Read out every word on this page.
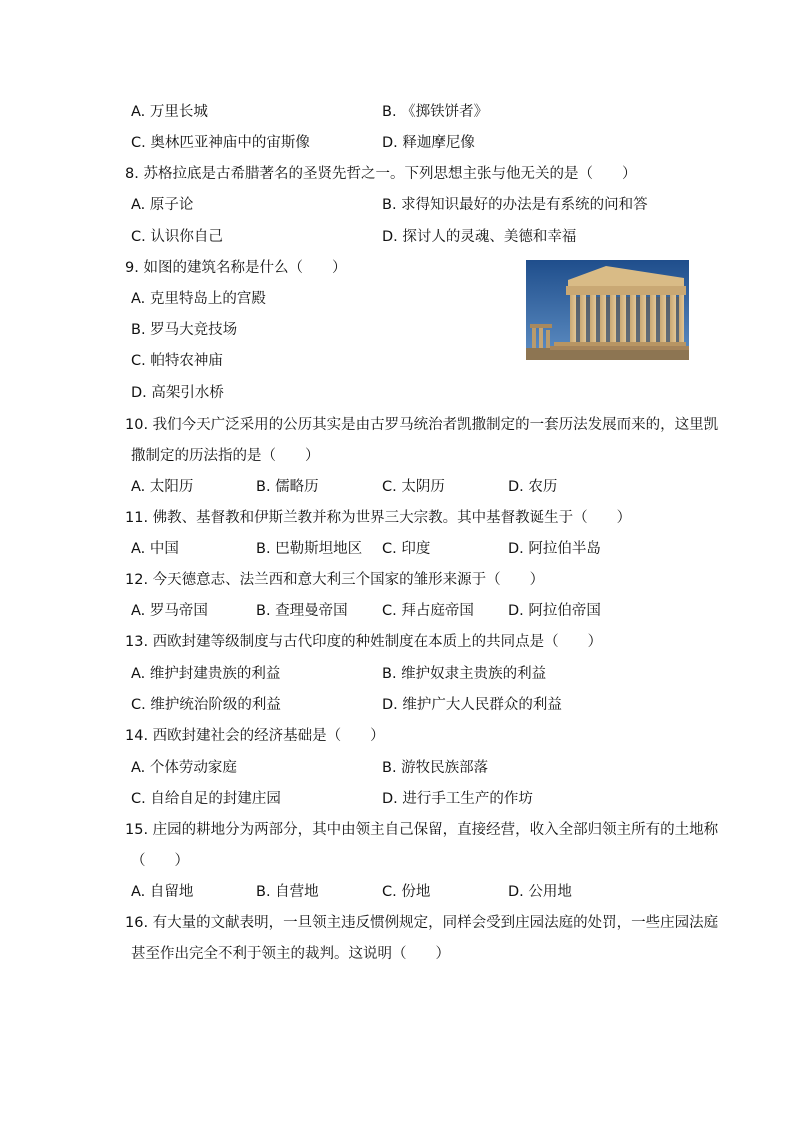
A. 万里长城	B. 《掷铁饼者》
C. 奥林匹亚神庙中的宙斯像	D. 释迦摩尼像
8. 苏格拉底是古希腊著名的圣贤先哲之一。下列思想主张与他无关的是（　　）
A. 原子论	B. 求得知识最好的办法是有系统的问和答
C. 认识你自己	D. 探讨人的灵魂、美德和幸福
9. 如图的建筑名称是什么（　　）
A. 克里特岛上的宫殿
B. 罗马大竞技场
C. 帕特农神庙
D. 高架引水桥
10. 我们今天广泛采用的公历其实是由古罗马统治者凯撒制定的一套历法发展而来的，这里凯
撒制定的历法指的是（　　）
A. 太阳历	B. 儒略历	C. 太阴历	D. 农历
11. 佛教、基督教和伊斯兰教并称为世界三大宗教。其中基督教诞生于（　　）
A. 中国	B. 巴勒斯坦地区 C. 印度	D. 阿拉伯半岛
12. 今天德意志、法兰西和意大利三个国家的雏形来源于（　　）
A. 罗马帝国	B. 查理曼帝国 C. 拜占庭帝国 D. 阿拉伯帝国
13. 西欧封建等级制度与古代印度的种姓制度在本质上的共同点是（　　）
A. 维护封建贵族的利益	B. 维护奴隶主贵族的利益
C. 维护统治阶级的利益	D. 维护广大人民群众的利益
14. 西欧封建社会的经济基础是（　　）
A. 个体劳动家庭	B. 游牧民族部落
C. 自给自足的封建庄园	D. 进行手工生产的作坊
15. 庄园的耕地分为两部分，其中由领主自己保留，直接经营，收入全部归领主所有的土地称
（　　）
A. 自留地	B. 自营地	C. 份地	D. 公用地
16. 有大量的文献表明，一旦领主违反惯例规定，同样会受到庄园法庭的处罚，一些庄园法庭
甚至作出完全不利于领主的裁判。这说明（　　）
